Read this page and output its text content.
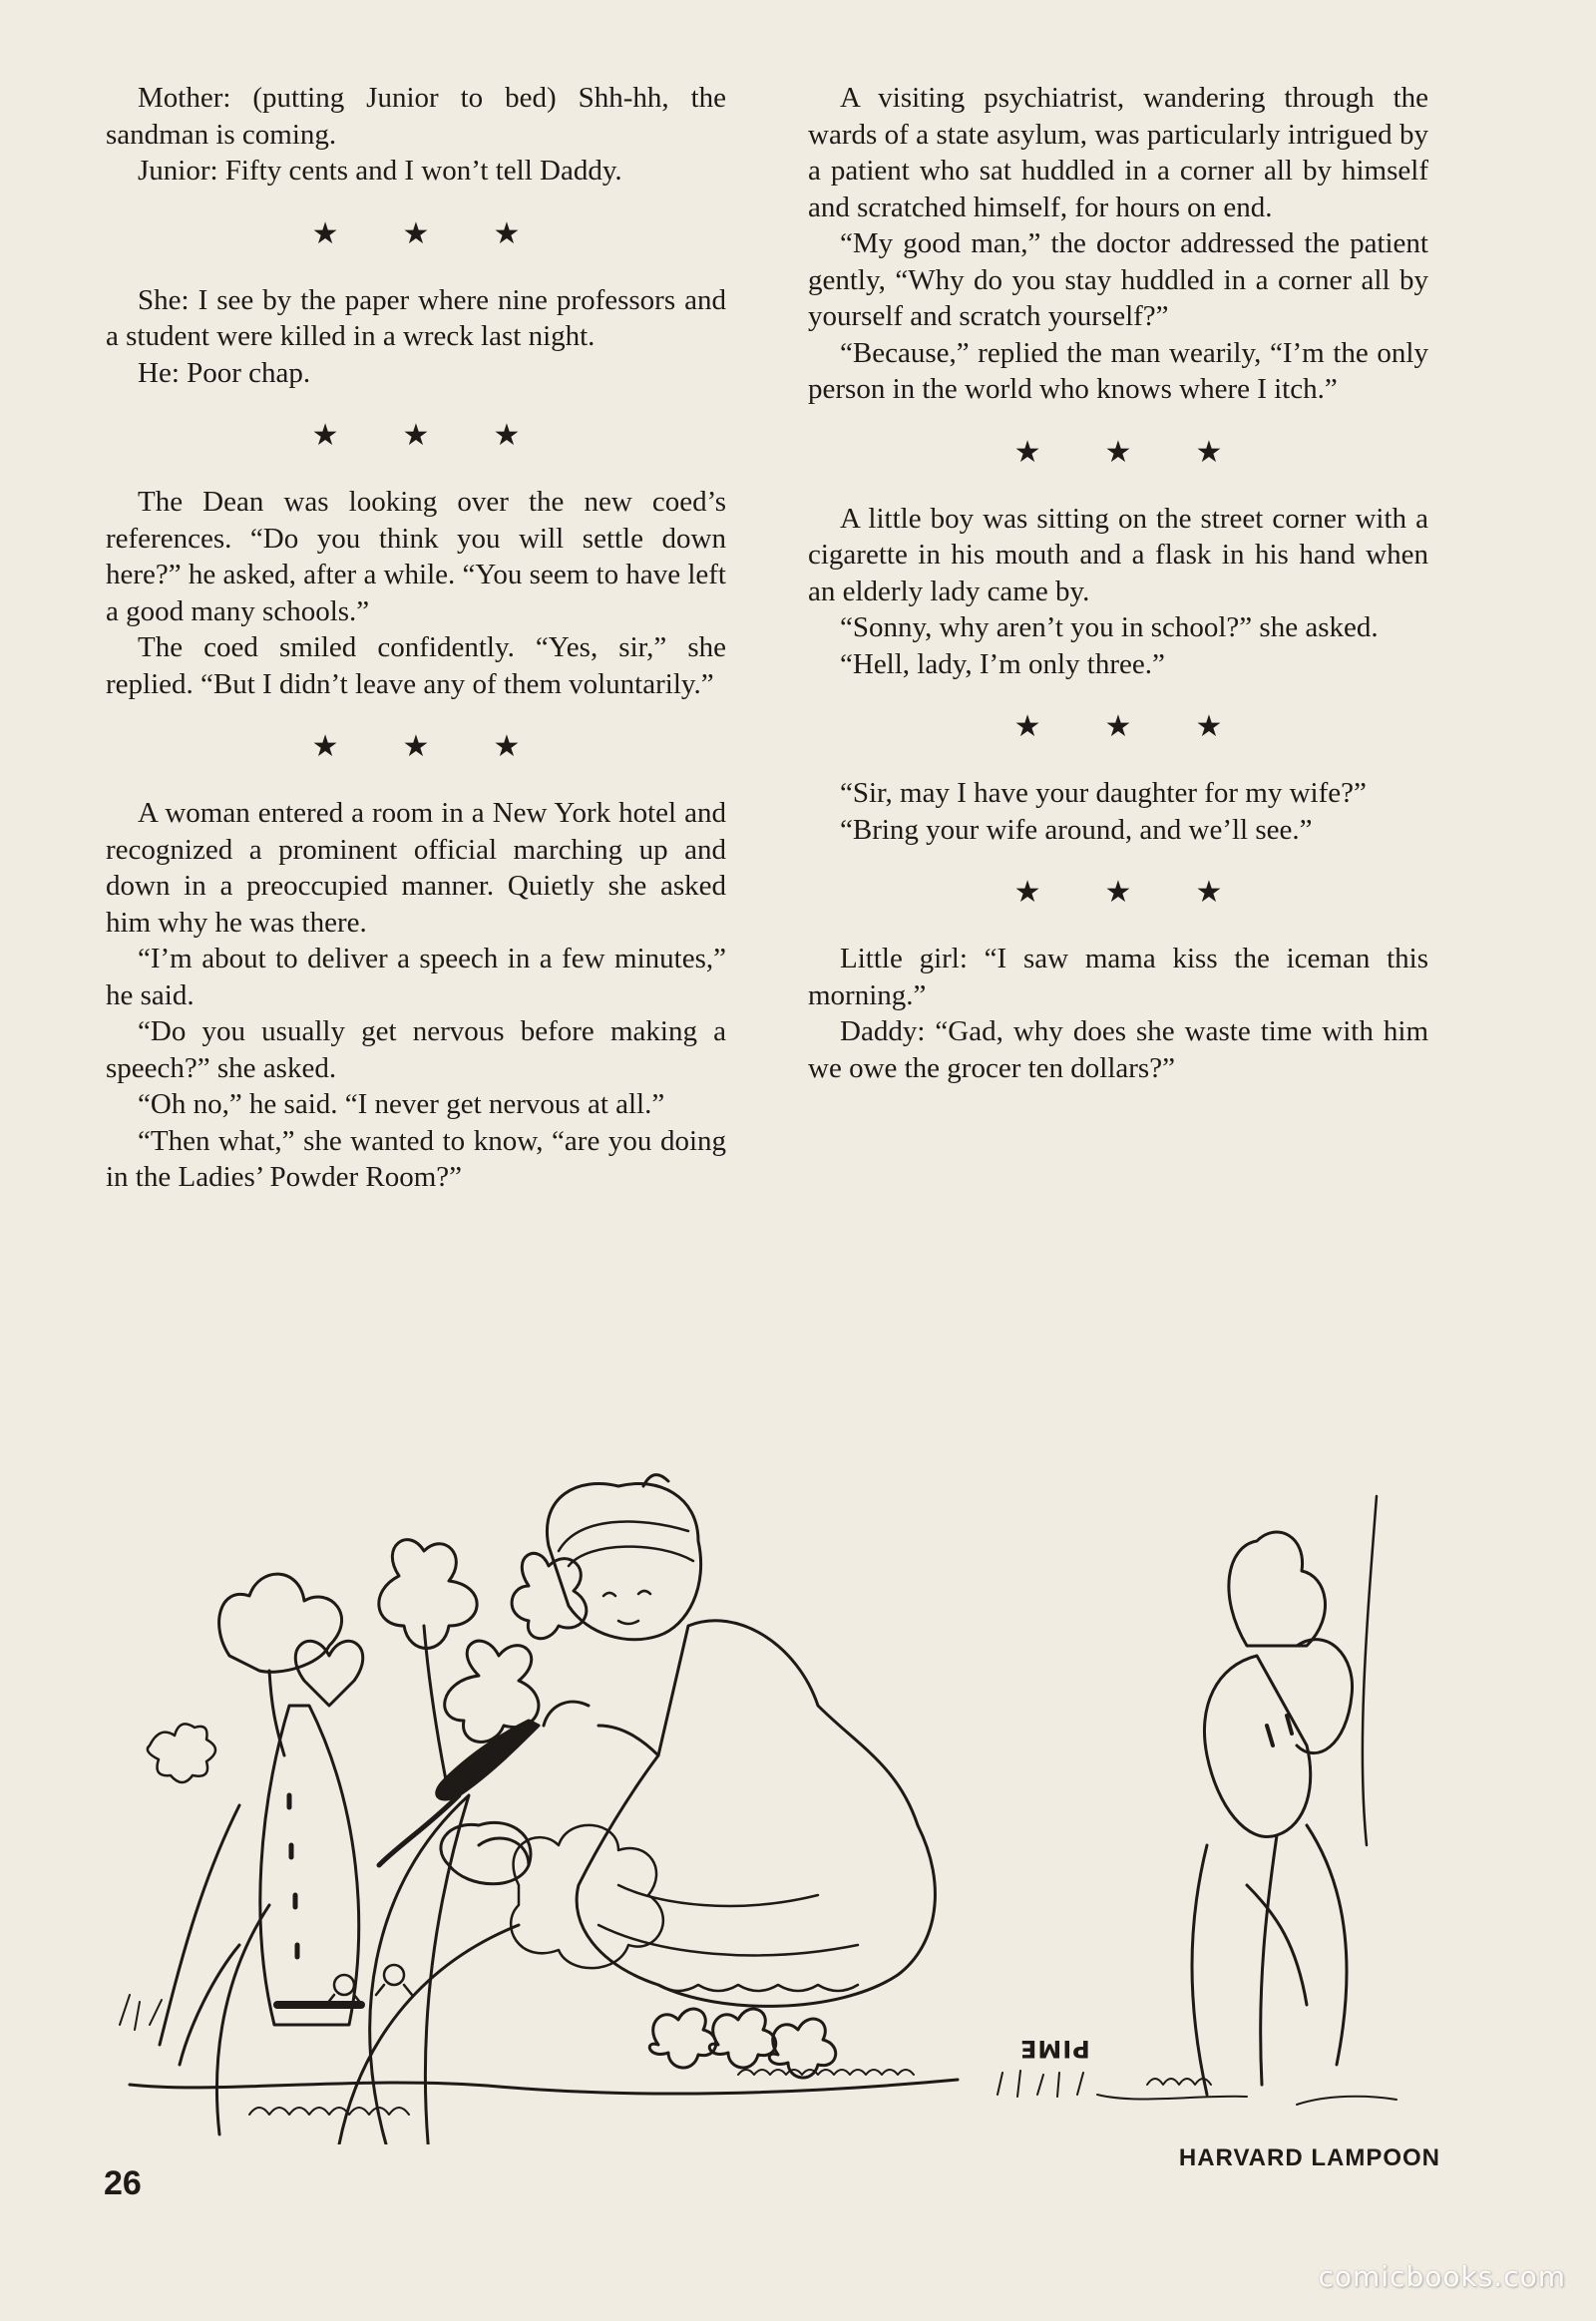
Mother: (putting Junior to bed) Shh-hh, the sandman is coming.

Junior: Fifty cents and I won’t tell Daddy.

★ ★ ★

She: I see by the paper where nine professors and a student were killed in a wreck last night.

He: Poor chap.

★ ★ ★

The Dean was looking over the new coed’s references. “Do you think you will settle down here?” he asked, after a while. “You seem to have left a good many schools.”

The coed smiled confidently. “Yes, sir,” she replied. “But I didn’t leave any of them voluntarily.”

★ ★ ★

A woman entered a room in a New York hotel and recognized a prominent official marching up and down in a preoccupied manner. Quietly she asked him why he was there.

“I’m about to deliver a speech in a few minutes,” he said.

“Do you usually get nervous before making a speech?” she asked.

“Oh no,” he said. “I never get nervous at all.”

“Then what,” she wanted to know, “are you doing in the Ladies’ Powder Room?”

A visiting psychiatrist, wandering through the wards of a state asylum, was particularly intrigued by a patient who sat huddled in a corner all by himself and scratched himself, for hours on end.

“My good man,” the doctor addressed the patient gently, “Why do you stay huddled in a corner all by yourself and scratch yourself?”

“Because,” replied the man wearily, “I’m the only person in the world who knows where I itch.”

★ ★ ★

A little boy was sitting on the street corner with a cigarette in his mouth and a flask in his hand when an elderly lady came by.

“Sonny, why aren’t you in school?” she asked.

“Hell, lady, I’m only three.”

★ ★ ★

“Sir, may I have your daughter for my wife?”

“Bring your wife around, and we’ll see.”

★ ★ ★

Little girl: “I saw mama kiss the iceman this morning.”

Daddy: “Gad, why does she waste time with him we owe the grocer ten dollars?”

PIME
26
HARVARD LAMPOON
comicbooks.com
